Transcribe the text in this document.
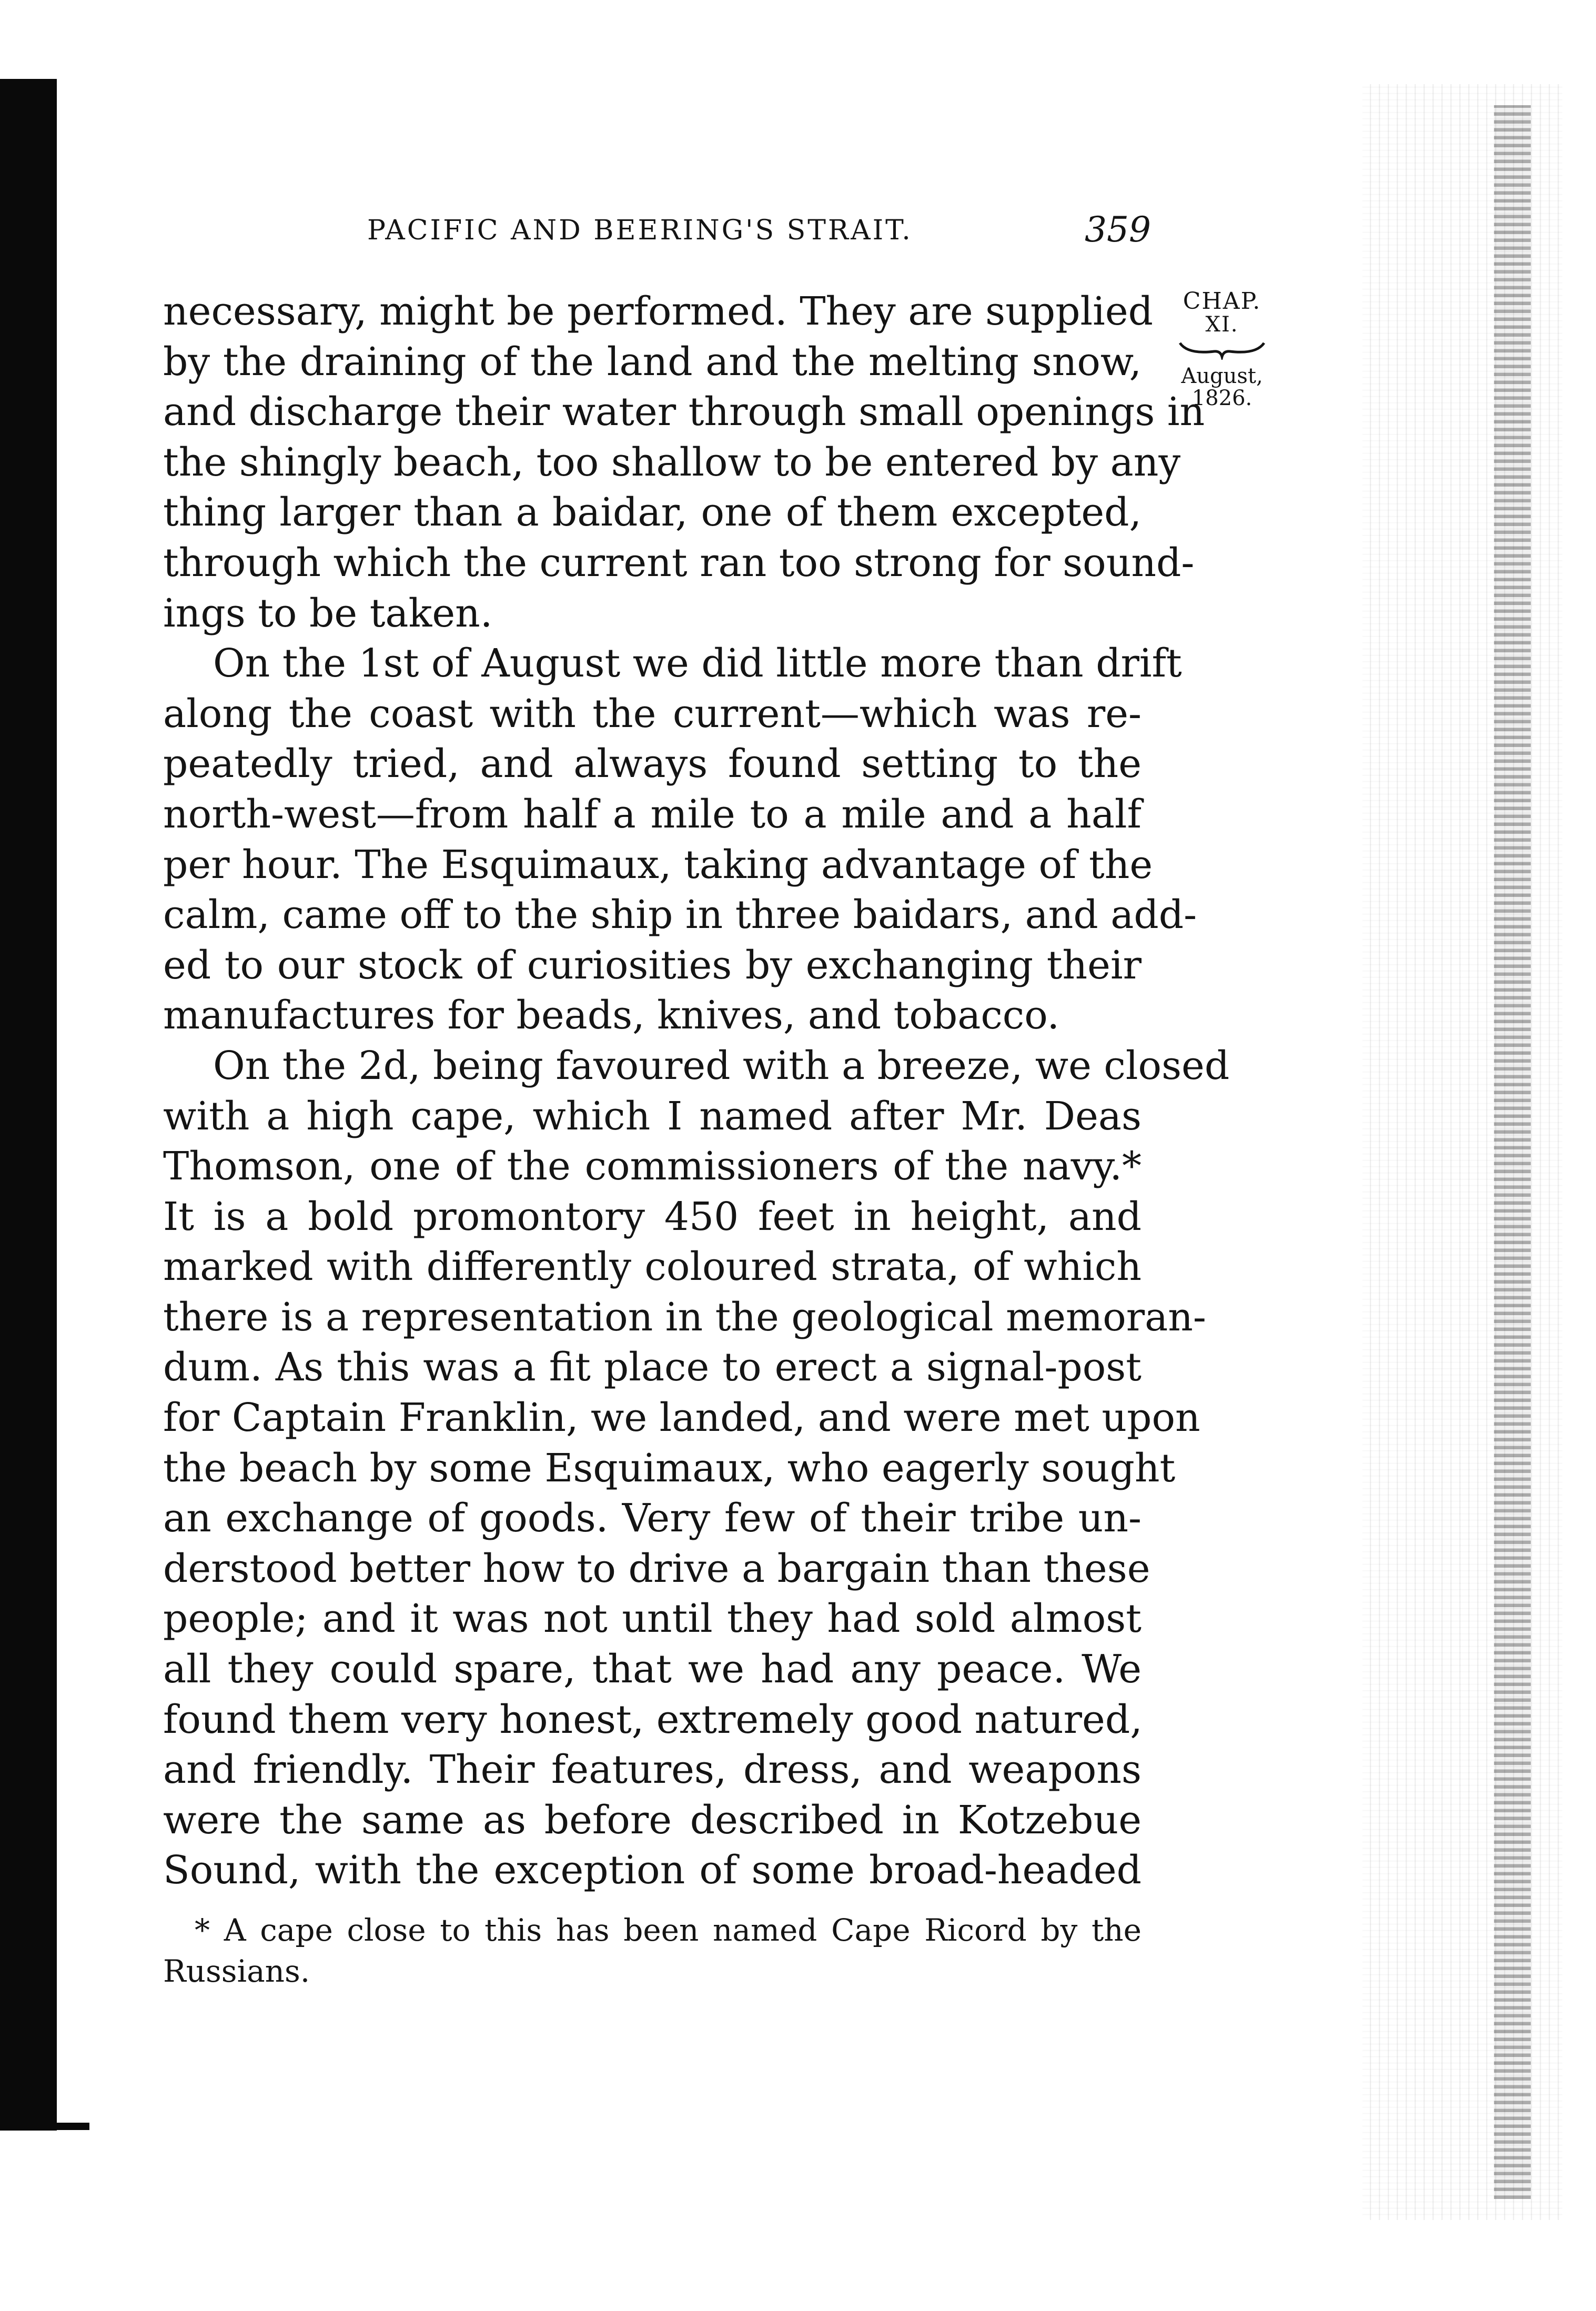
PACIFIC AND BEERING'S STRAIT.	359
CHAP.
XI.
August,
1826.
necessary, might be performed. They are supplied
by the draining of the land and the melting snow,
and discharge their water through small openings in
the shingly beach, too shallow to be entered by any
thing larger than a baidar, one of them excepted,
through which the current ran too strong for sound-
ings to be taken.
On the 1st of August we did little more than drift
along the coast with the current—which was re-
peatedly tried, and always found setting to the
north-west—from half a mile to a mile and a half
per hour. The Esquimaux, taking advantage of the
calm, came off to the ship in three baidars, and add-
ed to our stock of curiosities by exchanging their
manufactures for beads, knives, and tobacco.
On the 2d, being favoured with a breeze, we closed
with a high cape, which I named after Mr. Deas
Thomson, one of the commissioners of the navy.*
It is a bold promontory 450 feet in height, and
marked with differently coloured strata, of which
there is a representation in the geological memoran-
dum. As this was a fit place to erect a signal-post
for Captain Franklin, we landed, and were met upon
the beach by some Esquimaux, who eagerly sought
an exchange of goods. Very few of their tribe un-
derstood better how to drive a bargain than these
people; and it was not until they had sold almost
all they could spare, that we had any peace. We
found them very honest, extremely good natured,
and friendly. Their features, dress, and weapons
were the same as before described in Kotzebue
Sound, with the exception of some broad-headed
* A cape close to this has been named Cape Ricord by the
Russians.
